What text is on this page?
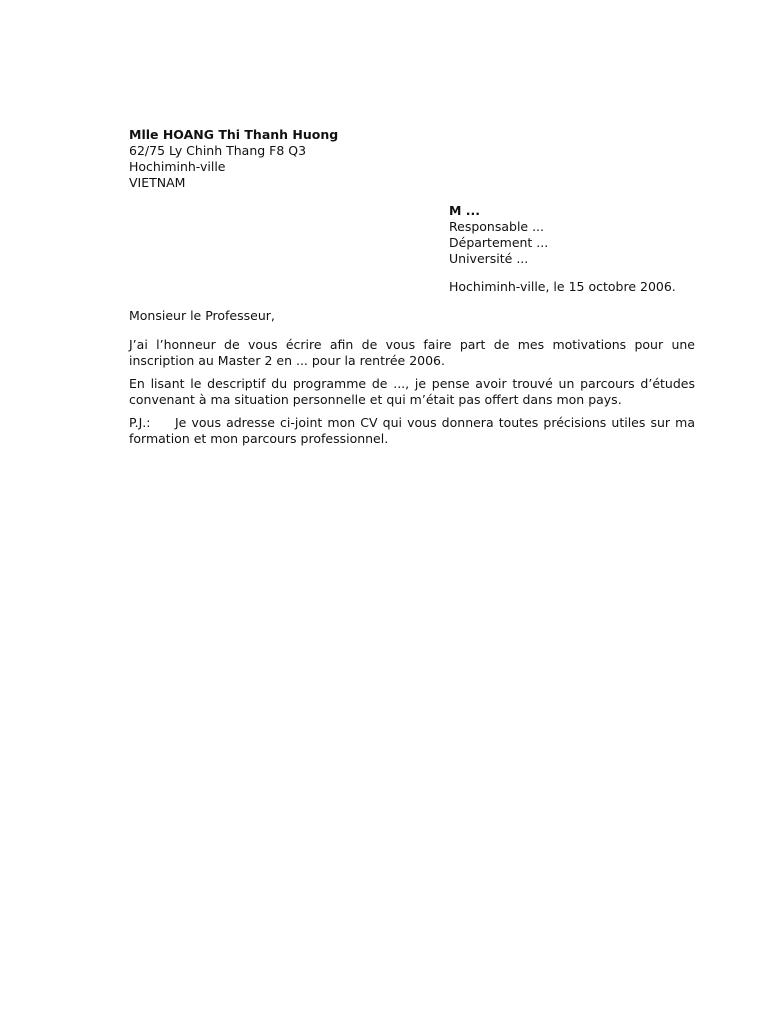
Mlle HOANG Thi Thanh Huong
62/75 Ly Chinh Thang F8 Q3
Hochiminh-ville
VIETNAM
M ...
Responsable ...
Département ...
Université ...
Hochiminh-ville, le 15 octobre 2006.
Monsieur le Professeur,

J’ai l’honneur de vous écrire afin de vous faire part de mes motivations pour une inscription au Master 2 en ... pour la rentrée 2006.

En lisant le descriptif du programme de ..., je pense avoir trouvé un parcours d’études convenant à ma situation personnelle et qui m’était pas offert dans mon pays.

P.J.: Je vous adresse ci-joint mon CV qui vous donnera toutes précisions utiles sur ma formation et mon parcours professionnel.
